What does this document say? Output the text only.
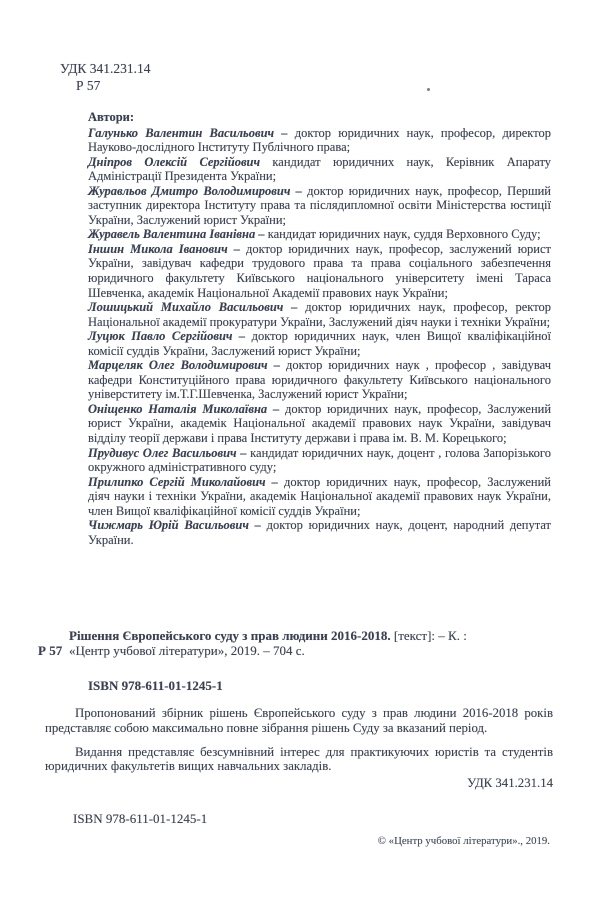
УДК 341.231.14
Р 57
Автори:

Галунько Валентин Васильович – доктор юридичних наук, професор, директор Науково-дослідного Інституту Публічного права;

Дніпров Олексій Сергійович кандидат юридичних наук, Керівник Апарату Адміністрації Президента України;

Журавльов Дмитро Володимирович – доктор юридичних наук, професор, Перший заступник директора Інституту права та післядипломної освіти Міністерства юстиції України, Заслужений юрист України;

Журавель Валентина Іванівна – кандидат юридичних наук, суддя Верховного Суду;

Іншин Микола Іванович – доктор юридичних наук, професор, заслужений юрист України, завідувач кафедри трудового права та права соціального забезпечення юридичного факультету Київського національного університету імені Тараса Шевченка, академік Національної Академії правових наук України;

Лошицький Михайло Васильович – доктор юридичних наук, професор, ректор Національної академії прокуратури України, Заслужений діяч науки і техніки України;

Луцюк Павло Сергійович – доктор юридичних наук, член Вищої кваліфікаційної комісії суддів України, Заслужений юрист України;

Марцеляк Олег Володимирович – доктор юридичних наук , професор , завідувач кафедри Конституційного права юридичного факультету Київського національного універститету ім.Т.Г.Шевченка, Заслужений юрист України;

Оніщенко Наталія Миколаївна – доктор юридичних наук, професор, Заслужений юрист України, академік Національної академії правових наук України, завідувач відділу теорії держави і права Інституту держави і права ім. В. М. Корецького;

Прудивус Олег Васильович – кандидат юридичних наук, доцент , голова Запорізького окружного адміністративного суду;

Прилипко Сергій Миколайович – доктор юридичних наук, професор, Заслужений діяч науки і техніки України, академік Національної академії правових наук України, член Вищої кваліфікаційної комісії суддів України;

Чижмарь Юрій Васильович – доктор юридичних наук, доцент, народний депутат України.

Р 57
Рішення Європейського суду з прав людини 2016-2018. [текст]: – К. :
«Центр учбової літератури», 2019. – 704 с.

ISBN 978-611-01-1245-1

Пропонований збірник рішень Європейського суду з прав людини 2016-2018 років представляє собою максимально повне зібрання рішень Суду за вказаний період.

Видання представляє безсумнівний інтерес для практикуючих юристів та студентів юридичних факультетів вищих навчальних закладів.

УДК 341.231.14
ISBN 978-611-01-1245-1
© «Центр учбової літератури»., 2019.
